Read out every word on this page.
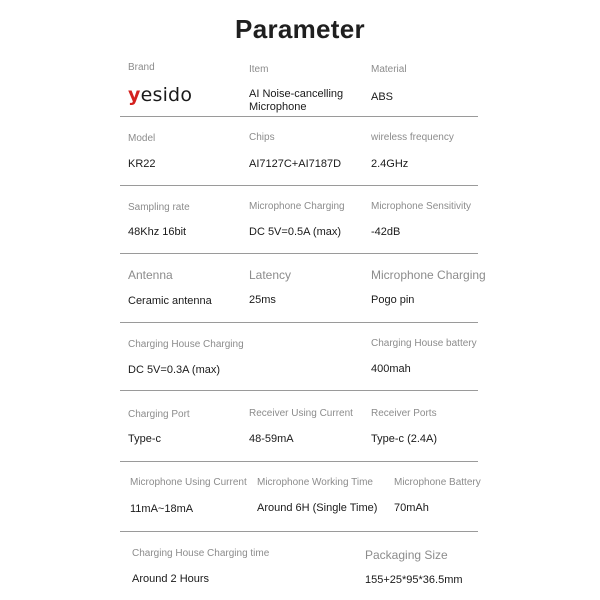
Parameter
Brand
yesido
Item
AI Noise-cancelling Microphone
Material
ABS
Model
KR22
Chips
AI7127C+AI7187D
wireless frequency
2.4GHz
Sampling rate
48Khz 16bit
Microphone Charging
DC 5V=0.5A (max)
Microphone Sensitivity
-42dB
Antenna
Ceramic antenna
Latency
25ms
Microphone Charging
Pogo pin
Charging House Charging
DC 5V=0.3A (max)
Charging House battery
400mah
Charging Port
Type-c
Receiver Using Current
48-59mA
Receiver Ports
Type-c (2.4A)
Microphone Using Current
11mA~18mA
Microphone Working Time
Around 6H (Single Time)
Microphone Battery
70mAh
Charging House Charging time
Around 2 Hours
Packaging Size
155+25*95*36.5mm
